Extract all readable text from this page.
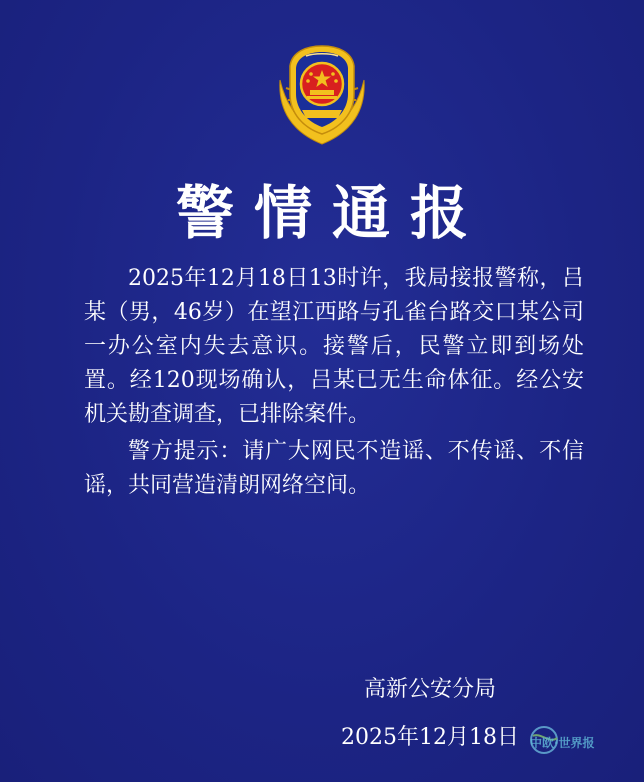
警情通报

2025年12月18日13时许，我局接报警称，吕某（男，46岁）在望江西路与孔雀台路交口某公司一办公室内失去意识。接警后，民警立即到场处置。经120现场确认，吕某已无生命体征。经公安机关勘查调查，已排除案件。

警方提示：请广大网民不造谣、不传谣、不信谣，共同营造清朗网络空间。

高新公安分局
2025年12月18日 中欧·世界报
